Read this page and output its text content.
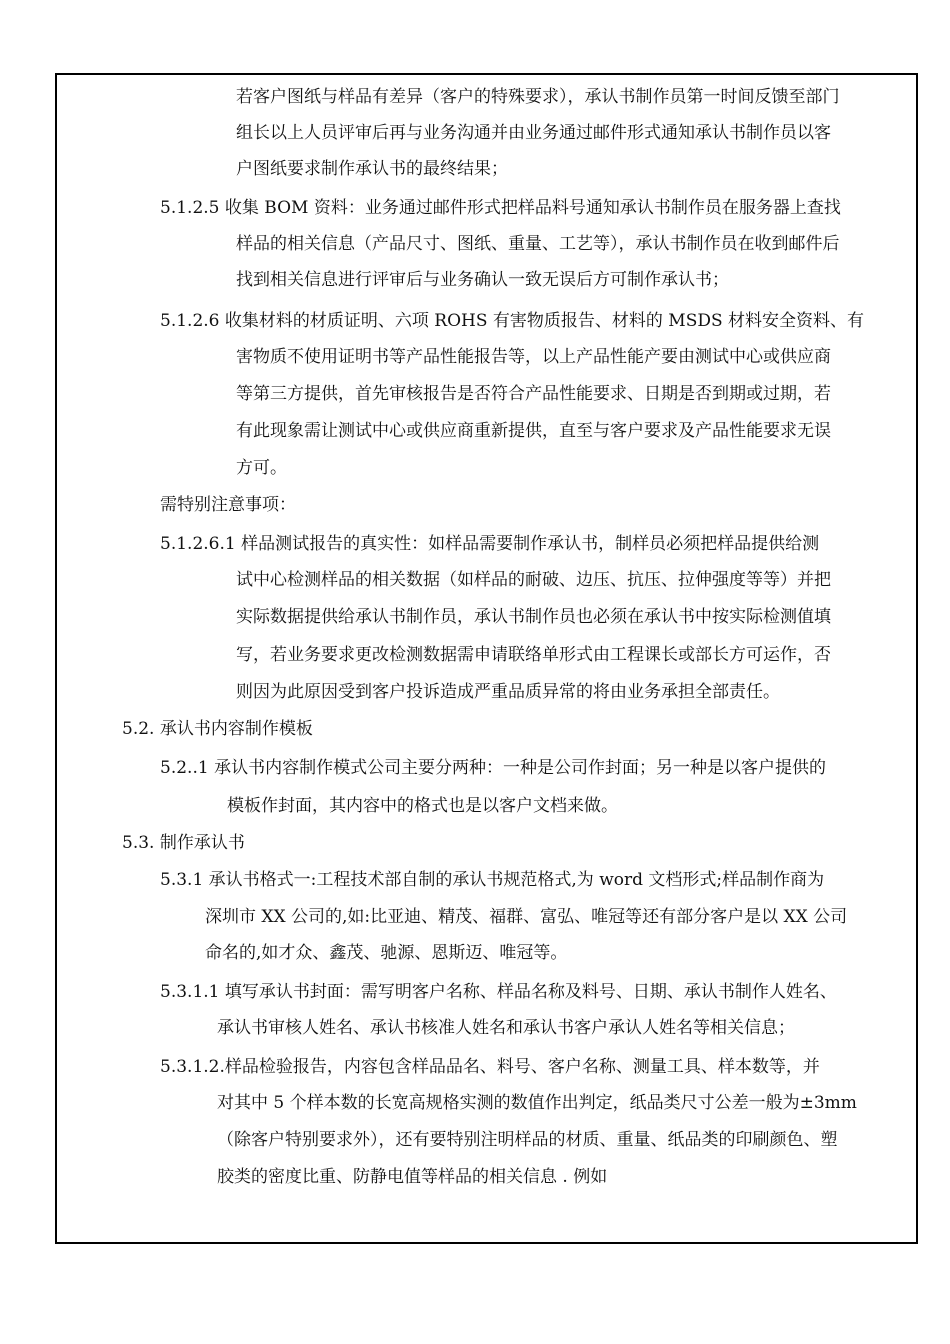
若客户图纸与样品有差异（客户的特殊要求），承认书制作员第一时间反馈至部门
组长以上人员评审后再与业务沟通并由业务通过邮件形式通知承认书制作员以客
户图纸要求制作承认书的最终结果；
5.1.2.5 收集 BOM 资料：业务通过邮件形式把样品料号通知承认书制作员在服务器上查找
样品的相关信息（产品尺寸、图纸、重量、工艺等），承认书制作员在收到邮件后
找到相关信息进行评审后与业务确认一致无误后方可制作承认书；
5.1.2.6 收集材料的材质证明、六项 ROHS 有害物质报告、材料的 MSDS 材料安全资料、有
害物质不使用证明书等产品性能报告等，以上产品性能产要由测试中心或供应商
等第三方提供，首先审核报告是否符合产品性能要求、日期是否到期或过期，若
有此现象需让测试中心或供应商重新提供，直至与客户要求及产品性能要求无误
方可。
需特别注意事项：
5.1.2.6.1 样品测试报告的真实性：如样品需要制作承认书，制样员必须把样品提供给测
试中心检测样品的相关数据（如样品的耐破、边压、抗压、拉伸强度等等）并把
实际数据提供给承认书制作员，承认书制作员也必须在承认书中按实际检测值填
写，若业务要求更改检测数据需申请联络单形式由工程课长或部长方可运作，否
则因为此原因受到客户投诉造成严重品质异常的将由业务承担全部责任。
5.2. 承认书内容制作模板
5.2..1 承认书内容制作模式公司主要分两种：一种是公司作封面；另一种是以客户提供的
模板作封面，其内容中的格式也是以客户文档来做。
5.3. 制作承认书
5.3.1 承认书格式一:工程技术部自制的承认书规范格式,为 word 文档形式;样品制作商为
深圳市 XX 公司的,如:比亚迪、精茂、福群、富弘、唯冠等还有部分客户是以 XX 公司
命名的,如才众、鑫茂、驰源、恩斯迈、唯冠等。
5.3.1.1 填写承认书封面：需写明客户名称、样品名称及料号、日期、承认书制作人姓名、
承认书审核人姓名、承认书核准人姓名和承认书客户承认人姓名等相关信息；
5.3.1.2.样品检验报告，内容包含样品品名、料号、客户名称、测量工具、样本数等，并
对其中 5 个样本数的长宽高规格实测的数值作出判定，纸品类尺寸公差一般为±3mm
（除客户特别要求外），还有要特别注明样品的材质、重量、纸品类的印刷颜色、塑
胶类的密度比重、防静电值等样品的相关信息 . 例如
